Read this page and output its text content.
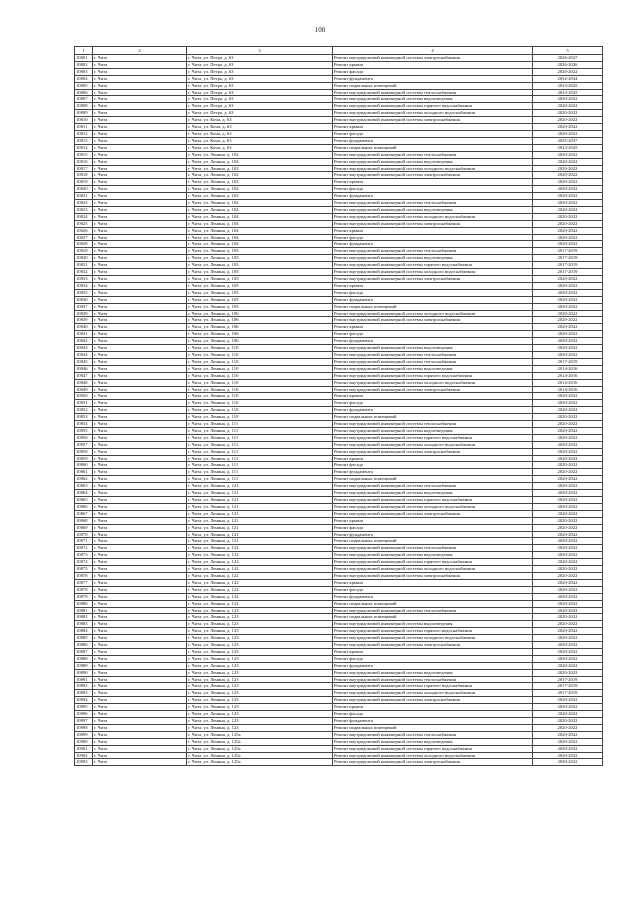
108
1	2	3	4	5
10801	г. Чита	г. Чита, ул. Петра, д. 63	Ремонт внутридомовой инженерной системы электроснабжения	2026-2027
10802	г. Чита	г. Чита, ул. Петра, д. 63	Ремонт крыши	2026-2026
10803	г. Чита	г. Чита, ул. Петра, д. 63	Ремонт фасада	2020-2022
10804	г. Чита	г. Чита, ул. Петра, д. 63	Ремонт фундамента	2032-2034
10805	г. Чита	г. Чита, ул. Петра, д. 63	Ремонт подвальных помещений	2023-2025
10806	г. Чита	г. Чита, ул. Петра, д. 63	Ремонт внутридомовой инженерной системы теплоснабжения	2023-2025
10807	г. Чита	г. Чита, ул. Петра, д. 63	Ремонт внутридомовой инженерной системы водоотведения	2020-2022
10808	г. Чита	г. Чита, ул. Петра, д. 63	Ремонт внутридомовой инженерной системы горячего водоснабжения	2020-2022
10809	г. Чита	г. Чита, ул. Петра, д. 63	Ремонт внутридомовой инженерной системы холодного водоснабжения	2020-2022
10810	г. Чита	г. Чита, ул. Кочи, д. 63	Ремонт внутридомовой инженерной системы электроснабжения	2020-2022
10811	г. Чита	г. Чита, ул. Кочи, д. 63	Ремонт крыши	2020-2022
10812	г. Чита	г. Чита, ул. Кочи, д. 63	Ремонт фасада	2020-2022
10813	г. Чита	г. Чита, ул. Кочи, д. 63	Ремонт фундамента	2035-2037
10814	г. Чита	г. Чита, ул. Кочи, д. 63	Ремонт подвальных помещений	2023-2025
10815	г. Чита	г. Чита, ул. Ленина, д. 102	Ремонт внутридомовой инженерной системы теплоснабжения	2020-2022
10816	г. Чита	г. Чита, ул. Ленина, д. 102	Ремонт внутридомовой инженерной системы водоотведения	2020-2022
10817	г. Чита	г. Чита, ул. Ленина, д. 102	Ремонт внутридомовой инженерной системы холодного водоснабжения	2020-2022
10818	г. Чита	г. Чита, ул. Ленина, д. 102	Ремонт внутридомовой инженерной системы электроснабжения	2020-2022
10819	г. Чита	г. Чита, ул. Ленина, д. 102	Ремонт крыши	2020-2022
10820	г. Чита	г. Чита, ул. Ленина, д. 102	Ремонт фасада	2020-2022
10821	г. Чита	г. Чита, ул. Ленина, д. 102	Ремонт фундамента	2020-2022
10822	г. Чита	г. Чита, ул. Ленина, д. 104	Ремонт внутридомовой инженерной системы теплоснабжения	2020-2022
10823	г. Чита	г. Чита, ул. Ленина, д. 104	Ремонт внутридомовой инженерной системы водоотведения	2020-2022
10824	г. Чита	г. Чита, ул. Ленина, д. 104	Ремонт внутридомовой инженерной системы холодного водоснабжения	2020-2022
10825	г. Чита	г. Чита, ул. Ленина, д. 104	Ремонт внутридомовой инженерной системы электроснабжения	2020-2022
10826	г. Чита	г. Чита, ул. Ленина, д. 104	Ремонт крыши	2020-2022
10827	г. Чита	г. Чита, ул. Ленина, д. 104	Ремонт фасада	2020-2022
10828	г. Чита	г. Чита, ул. Ленина, д. 104	Ремонт фундамента	2020-2022
10829	г. Чита	г. Чита, ул. Ленина, д. 105	Ремонт внутридомовой инженерной системы теплоснабжения	2017-2019
10830	г. Чита	г. Чита, ул. Ленина, д. 105	Ремонт внутридомовой инженерной системы водоотведения	2017-2019
10831	г. Чита	г. Чита, ул. Ленина, д. 105	Ремонт внутридомовой инженерной системы горячего водоснабжения	2017-2019
10832	г. Чита	г. Чита, ул. Ленина, д. 105	Ремонт внутридомовой инженерной системы холодного водоснабжения	2017-2019
10833	г. Чита	г. Чита, ул. Ленина, д. 105	Ремонт внутридомовой инженерной системы электроснабжения	2020-2022
10834	г. Чита	г. Чита, ул. Ленина, д. 105	Ремонт крыши	2020-2022
10835	г. Чита	г. Чита, ул. Ленина, д. 105	Ремонт фасада	2020-2022
10836	г. Чита	г. Чита, ул. Ленина, д. 105	Ремонт фундамента	2020-2022
10837	г. Чита	г. Чита, ул. Ленина, д. 105	Ремонт подвальных помещений	2020-2022
10838	г. Чита	г. Чита, ул. Ленина, д. 106	Ремонт внутридомовой инженерной системы холодного водоснабжения	2020-2022
10839	г. Чита	г. Чита, ул. Ленина, д. 106	Ремонт внутридомовой инженерной системы электроснабжения	2020-2022
10840	г. Чита	г. Чита, ул. Ленина, д. 106	Ремонт крыши	2020-2022
10841	г. Чита	г. Чита, ул. Ленина, д. 106	Ремонт фасада	2020-2022
10842	г. Чита	г. Чита, ул. Ленина, д. 106	Ремонт фундамента	2020-2022
10843	г. Чита	г. Чита, ул. Ленина, д. 110	Ремонт внутридомовой инженерной системы водоотведения	2020-2022
10844	г. Чита	г. Чита, ул. Ленина, д. 110	Ремонт внутридомовой инженерной системы теплоснабжения	2020-2022
10845	г. Чита	г. Чита, ул. Ленина, д. 110	Ремонт внутридомовой инженерной системы теплоснабжения	2017-2019
10846	г. Чита	г. Чита, ул. Ленина, д. 110	Ремонт внутридомовой инженерной системы водоотведения	2014-2016
10847	г. Чита	г. Чита, ул. Ленина, д. 110	Ремонт внутридомовой инженерной системы горячего водоснабжения	2014-2016
10848	г. Чита	г. Чита, ул. Ленина, д. 110	Ремонт внутридомовой инженерной системы холодного водоснабжения	2014-2016
10849	г. Чита	г. Чита, ул. Ленина, д. 110	Ремонт внутридомовой инженерной системы электроснабжения	2014-2016
10850	г. Чита	г. Чита, ул. Ленина, д. 110	Ремонт крыши	2020-2022
10851	г. Чита	г. Чита, ул. Ленина, д. 110	Ремонт фасада	2020-2022
10852	г. Чита	г. Чита, ул. Ленина, д. 110	Ремонт фундамента	2020-2022
10853	г. Чита	г. Чита, ул. Ленина, д. 110	Ремонт подвальных помещений	2020-2022
10854	г. Чита	г. Чита, ул. Ленина, д. 111	Ремонт внутридомовой инженерной системы теплоснабжения	2020-2022
10855	г. Чита	г. Чита, ул. Ленина, д. 111	Ремонт внутридомовой инженерной системы водоотведения	2020-2022
10856	г. Чита	г. Чита, ул. Ленина, д. 111	Ремонт внутридомовой инженерной системы горячего водоснабжения	2020-2022
10857	г. Чита	г. Чита, ул. Ленина, д. 111	Ремонт внутридомовой инженерной системы холодного водоснабжения	2020-2022
10858	г. Чита	г. Чита, ул. Ленина, д. 111	Ремонт внутридомовой инженерной системы электроснабжения	2020-2022
10859	г. Чита	г. Чита, ул. Ленина, д. 111	Ремонт крыши	2020-2022
10860	г. Чита	г. Чита, ул. Ленина, д. 111	Ремонт фасада	2020-2022
10861	г. Чита	г. Чита, ул. Ленина, д. 111	Ремонт фундамента	2020-2022
10862	г. Чита	г. Чита, ул. Ленина, д. 111	Ремонт подвальных помещений	2020-2022
10863	г. Чита	г. Чита, ул. Ленина, д. 121	Ремонт внутридомовой инженерной системы теплоснабжения	2020-2022
10864	г. Чита	г. Чита, ул. Ленина, д. 121	Ремонт внутридомовой инженерной системы водоотведения	2020-2022
10865	г. Чита	г. Чита, ул. Ленина, д. 121	Ремонт внутридомовой инженерной системы горячего водоснабжения	2020-2022
10866	г. Чита	г. Чита, ул. Ленина, д. 121	Ремонт внутридомовой инженерной системы холодного водоснабжения	2020-2022
10867	г. Чита	г. Чита, ул. Ленина, д. 121	Ремонт внутридомовой инженерной системы электроснабжения	2020-2022
10868	г. Чита	г. Чита, ул. Ленина, д. 121	Ремонт крыши	2020-2022
10869	г. Чита	г. Чита, ул. Ленина, д. 121	Ремонт фасада	2020-2022
10870	г. Чита	г. Чита, ул. Ленина, д. 121	Ремонт фундамента	2020-2022
10871	г. Чита	г. Чита, ул. Ленина, д. 121	Ремонт подвальных помещений	2020-2022
10872	г. Чита	г. Чита, ул. Ленина, д. 122	Ремонт внутридомовой инженерной системы теплоснабжения	2020-2022
10873	г. Чита	г. Чита, ул. Ленина, д. 122	Ремонт внутридомовой инженерной системы водоотведения	2020-2022
10874	г. Чита	г. Чита, ул. Ленина, д. 122	Ремонт внутридомовой инженерной системы горячего водоснабжения	2020-2022
10875	г. Чита	г. Чита, ул. Ленина, д. 122	Ремонт внутридомовой инженерной системы холодного водоснабжения	2020-2022
10876	г. Чита	г. Чита, ул. Ленина, д. 122	Ремонт внутридомовой инженерной системы электроснабжения	2020-2022
10877	г. Чита	г. Чита, ул. Ленина, д. 122	Ремонт крыши	2020-2022
10878	г. Чита	г. Чита, ул. Ленина, д. 122	Ремонт фасада	2020-2022
10879	г. Чита	г. Чита, ул. Ленина, д. 122	Ремонт фундамента	2020-2022
10880	г. Чита	г. Чита, ул. Ленина, д. 122	Ремонт подвальных помещений	2020-2022
10881	г. Чита	г. Чита, ул. Ленина, д. 123	Ремонт внутридомовой инженерной системы теплоснабжения	2020-2022
10882	г. Чита	г. Чита, ул. Ленина, д. 123	Ремонт подвальных помещений	2020-2022
10883	г. Чита	г. Чита, ул. Ленина, д. 123	Ремонт внутридомовой инженерной системы водоотведения	2020-2022
10884	г. Чита	г. Чита, ул. Ленина, д. 123	Ремонт внутридомовой инженерной системы горячего водоснабжения	2020-2022
10885	г. Чита	г. Чита, ул. Ленина, д. 123	Ремонт внутридомовой инженерной системы холодного водоснабжения	2020-2022
10886	г. Чита	г. Чита, ул. Ленина, д. 123	Ремонт внутридомовой инженерной системы электроснабжения	2020-2022
10887	г. Чита	г. Чита, ул. Ленина, д. 123	Ремонт крыши	2020-2022
10888	г. Чита	г. Чита, ул. Ленина, д. 123	Ремонт фасада	2020-2022
10889	г. Чита	г. Чита, ул. Ленина, д. 123	Ремонт фундамента	2020-2022
10890	г. Чита	г. Чита, ул. Ленина, д. 123	Ремонт внутридомовой инженерной системы водоотведения	2020-2022
10891	г. Чита	г. Чита, ул. Ленина, д. 123	Ремонт внутридомовой инженерной системы теплоснабжения	2017-2019
10892	г. Чита	г. Чита, ул. Ленина, д. 123	Ремонт внутридомовой инженерной системы горячего водоснабжения	2017-2019
10893	г. Чита	г. Чита, ул. Ленина, д. 123	Ремонт внутридомовой инженерной системы холодного водоснабжения	2017-2019
10894	г. Чита	г. Чита, ул. Ленина, д. 123	Ремонт внутридомовой инженерной системы электроснабжения	2020-2022
10895	г. Чита	г. Чита, ул. Ленина, д. 123	Ремонт крыши	2020-2022
10896	г. Чита	г. Чита, ул. Ленина, д. 123	Ремонт фасада	2020-2022
10897	г. Чита	г. Чита, ул. Ленина, д. 123	Ремонт фундамента	2020-2022
10898	г. Чита	г. Чита, ул. Ленина, д. 123	Ремонт подвальных помещений	2020-2022
10899	г. Чита	г. Чита, ул. Ленина, д. 125а	Ремонт внутридомовой инженерной системы теплоснабжения	2020-2022
10900	г. Чита	г. Чита, ул. Ленина, д. 125а	Ремонт внутридомовой инженерной системы водоотведения	2020-2022
10901	г. Чита	г. Чита, ул. Ленина, д. 125а	Ремонт внутридомовой инженерной системы горячего водоснабжения	2020-2022
10902	г. Чита	г. Чита, ул. Ленина, д. 125а	Ремонт внутридомовой инженерной системы холодного водоснабжения	2020-2022
10903	г. Чита	г. Чита, ул. Ленина, д. 125а	Ремонт внутридомовой инженерной системы электроснабжения	2020-2022
